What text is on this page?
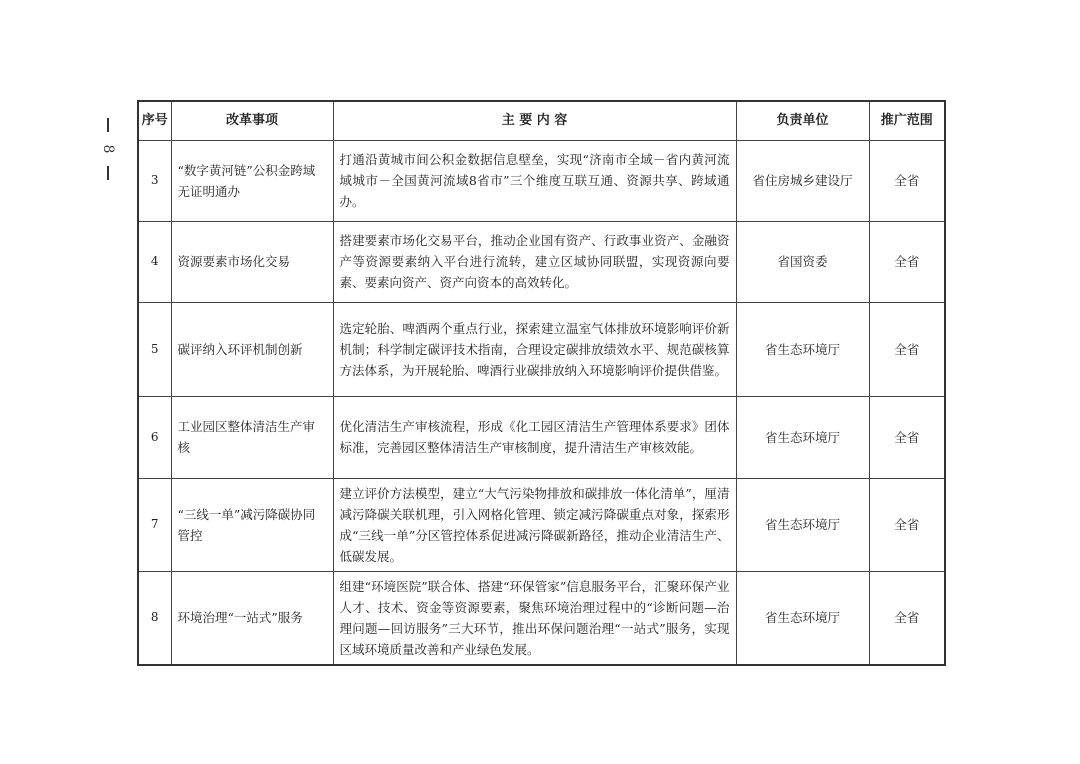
8
序号	改革事项	主 要 内 容	负责单位	推广范围
3	“数字黄河链”公积金跨域无证明通办	打通沿黄城市间公积金数据信息壁垒，实现“济南市全域－省内黄河流域城市－全国黄河流域8省市”三个维度互联互通、资源共享、跨域通办。	省住房城乡建设厅	全省
4	资源要素市场化交易	搭建要素市场化交易平台，推动企业国有资产、行政事业资产、金融资产等资源要素纳入平台进行流转，建立区域协同联盟，实现资源向要素、要素向资产、资产向资本的高效转化。	省国资委	全省
5	碳评纳入环评机制创新	选定轮胎、啤酒两个重点行业，探索建立温室气体排放环境影响评价新机制；科学制定碳评技术指南，合理设定碳排放绩效水平、规范碳核算方法体系，为开展轮胎、啤酒行业碳排放纳入环境影响评价提供借鉴。	省生态环境厅	全省
6	工业园区整体清洁生产审核	优化清洁生产审核流程，形成《化工园区清洁生产管理体系要求》团体标准，完善园区整体清洁生产审核制度，提升清洁生产审核效能。	省生态环境厅	全省
7	“三线一单”减污降碳协同管控	建立评价方法模型，建立“大气污染物排放和碳排放一体化清单”，厘清减污降碳关联机理，引入网格化管理、锁定减污降碳重点对象，探索形成“三线一单”分区管控体系促进减污降碳新路径，推动企业清洁生产、低碳发展。	省生态环境厅	全省
8	环境治理“一站式”服务	组建“环境医院”联合体、搭建“环保管家”信息服务平台，汇聚环保产业人才、技术、资金等资源要素，聚焦环境治理过程中的“诊断问题—治理问题—回访服务”三大环节，推出环保问题治理“一站式”服务，实现区域环境质量改善和产业绿色发展。	省生态环境厅	全省
